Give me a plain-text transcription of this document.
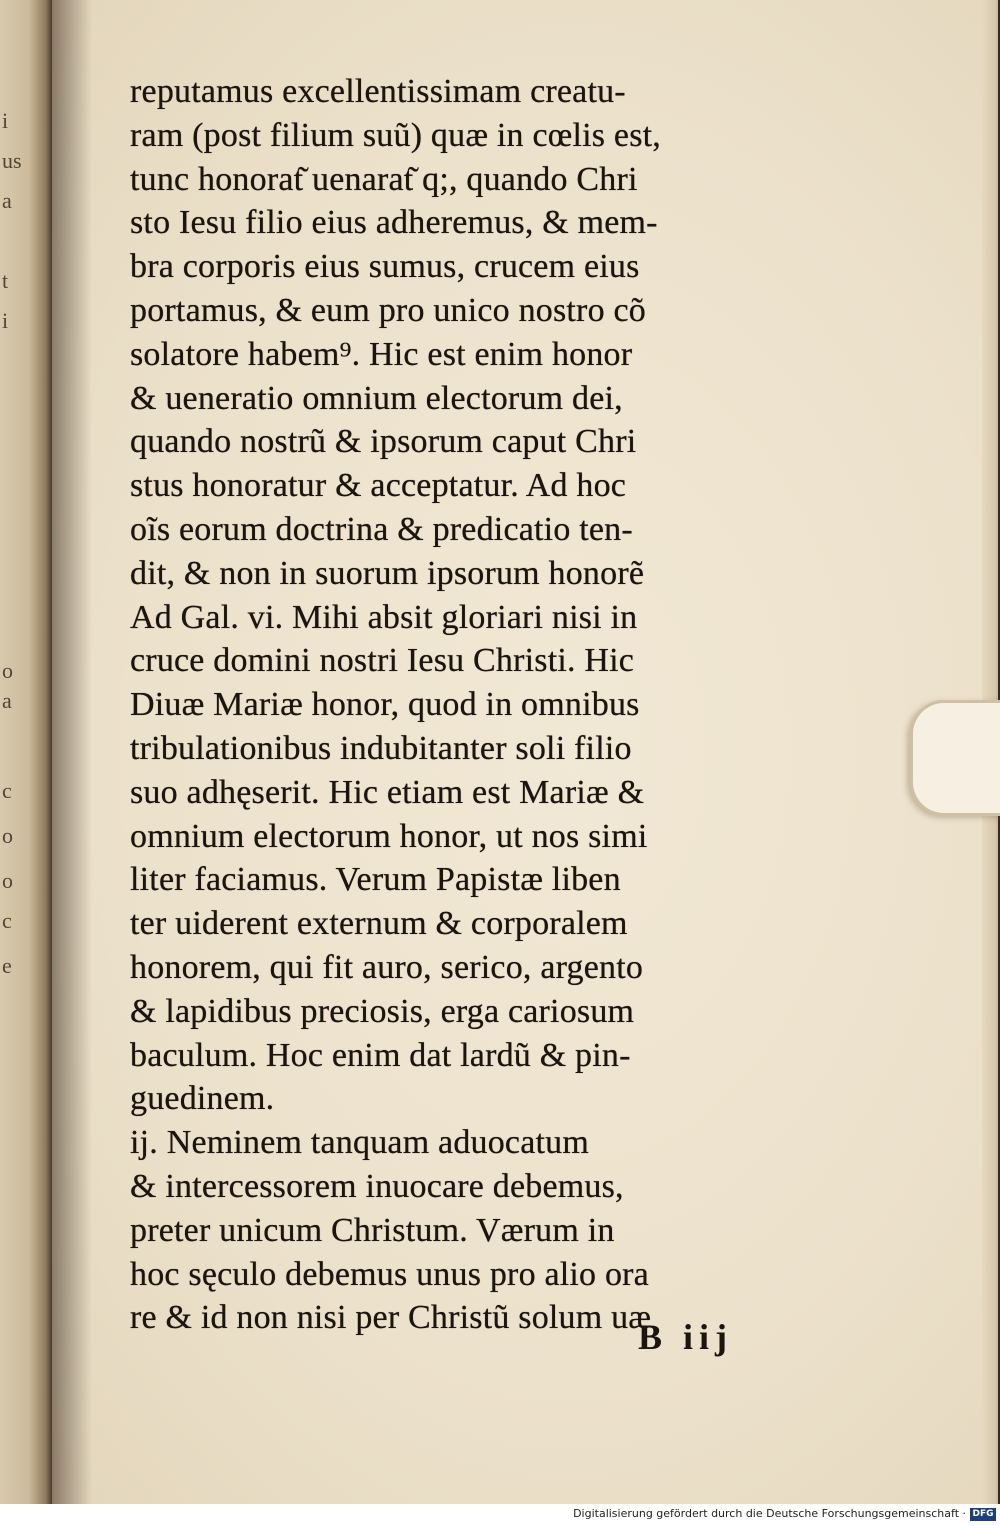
i
us
a
t
i
o
a
c
o
o
c
e
reputamus excellentissimam creatu-
ram (post filium suũ) quæ in cœlis est,
tunc honorat͂ uenarat͂ q;, quando Chri
sto Iesu filio eius adheremus, & mem-
bra corporis eius sumus, crucem eius
portamus, & eum pro unico nostro cõ
solatore habem⁹. Hic est enim honor
& ueneratio omnium electorum dei,
quando nostrũ & ipsorum caput Chri
stus honoratur & acceptatur. Ad hoc
oĩs eorum doctrina & predicatio ten-
dit, & non in suorum ipsorum honorẽ
Ad Gal. vi. Mihi absit gloriari nisi in
cruce domini nostri Iesu Christi. Hic
Diuæ Mariæ honor, quod in omnibus
tribulationibus indubitanter soli filio
suo adhęserit. Hic etiam est Mariæ &
omnium electorum honor, ut nos simi
liter faciamus. Verum Papistæ liben
ter uiderent externum & corporalem
honorem, qui fit auro, serico, argento
& lapidibus preciosis, erga cariosum
baculum. Hoc enim dat lardũ & pin-
guedinem.
ij. Neminem tanquam aduocatum
& intercessorem inuocare debemus,
preter unicum Christum. Værum in
hoc sęculo debemus unus pro alio ora
re & id non nisi per Christũ solum uæ
B iij
Digitalisierung gefördert durch die Deutsche Forschungsgemeinschaft · DFG
